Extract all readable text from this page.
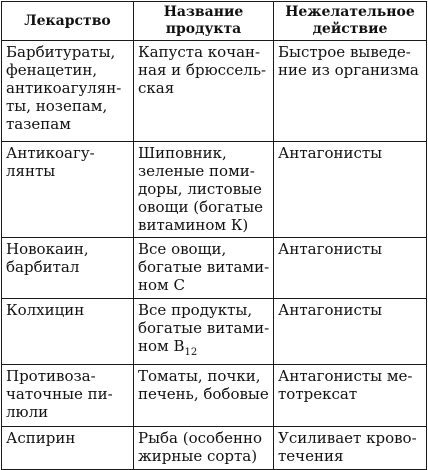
Лекарство	Название продукта	Нежелательное действие

Барбитураты,
фенацетин,
антикоагулян-
ты, нозепам,
тазепам	Капуста кочан-
ная и брюссель-
ская	Быстрое выведе-
ние из организма

Антикоагу-
лянты	Шиповник,
зеленые поми-
доры, листовые
овощи (богатые
витамином К)	Антагонисты

Новокаин,
барбитал	Все овощи,
богатые витами-
ном С	Антагонисты

Колхицин	Все продукты,
богатые витами-
ном $В_{12}$	Антагонисты

Противоза-
чаточные пи-
люли	Томаты, почки,
печень, бобовые	Антагонисты ме-
тотрексат

Аспирин	Рыба (особенно
жирные сорта)	Усиливает крово-
течения
